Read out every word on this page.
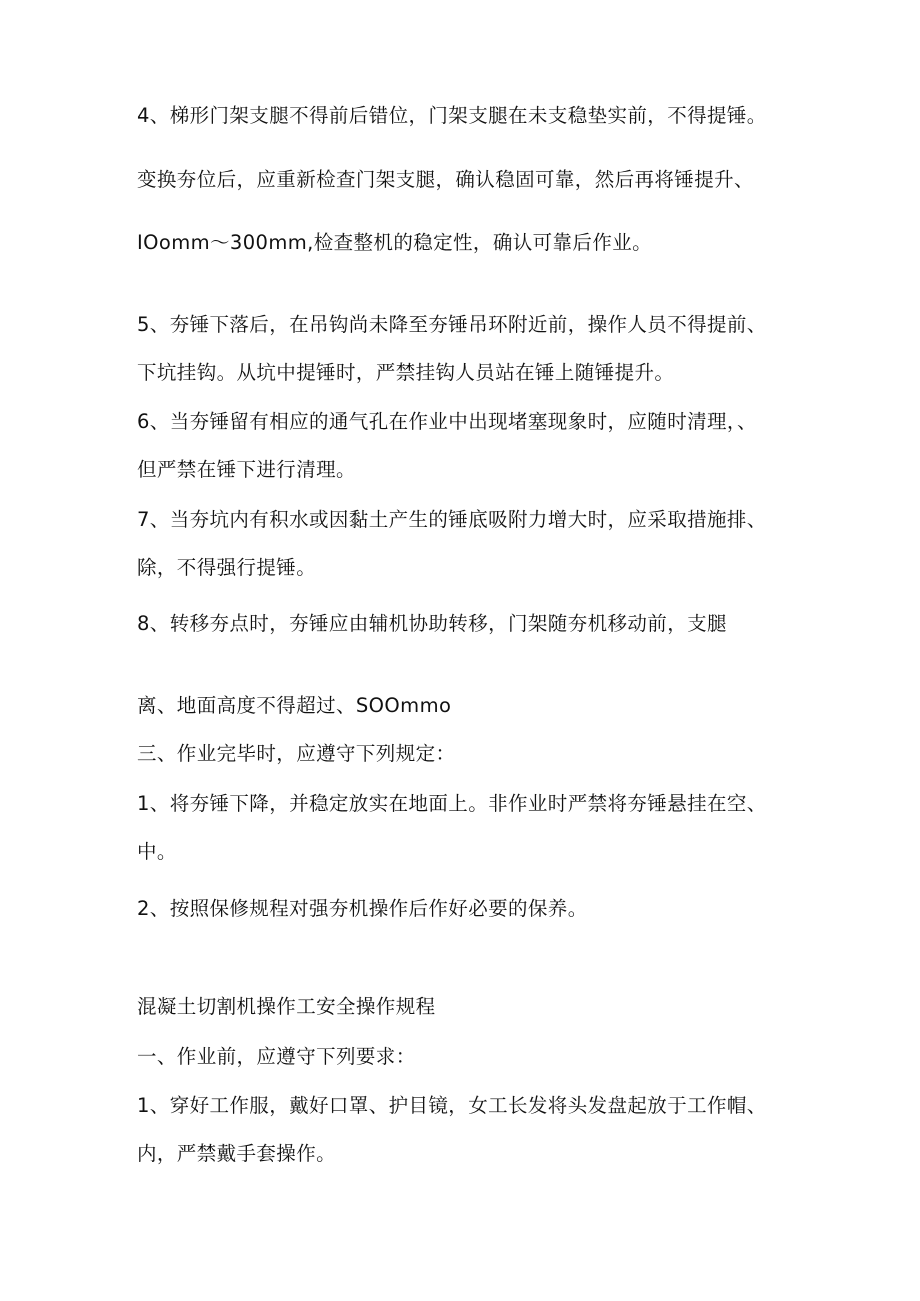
4、梯形门架支腿不得前后错位，门架支腿在未支稳垫实前，不得提锤。
变换夯位后，应重新检查门架支腿，确认稳固可靠，然后再将锤提升、
IOomm～300mm,检查整机的稳定性，确认可靠后作业。
5、夯锤下落后，在吊钩尚未降至夯锤吊环附近前，操作人员不得提前、
下坑挂钩。从坑中提锤时，严禁挂钩人员站在锤上随锤提升。
6、当夯锤留有相应的通气孔在作业中出现堵塞现象时，应随时清理，、
但严禁在锤下进行清理。
7、当夯坑内有积水或因黏土产生的锤底吸附力增大时，应采取措施排、
除，不得强行提锤。
8、转移夯点时，夯锤应由辅机协助转移，门架随夯机移动前，支腿
离、地面高度不得超过、SOOmmo
三、作业完毕时，应遵守下列规定：
1、将夯锤下降，并稳定放实在地面上。非作业时严禁将夯锤悬挂在空、
中。
2、按照保修规程对强夯机操作后作好必要的保养。
混凝土切割机操作工安全操作规程
一、作业前，应遵守下列要求：
1、穿好工作服，戴好口罩、护目镜，女工长发将头发盘起放于工作帽、
内，严禁戴手套操作。
